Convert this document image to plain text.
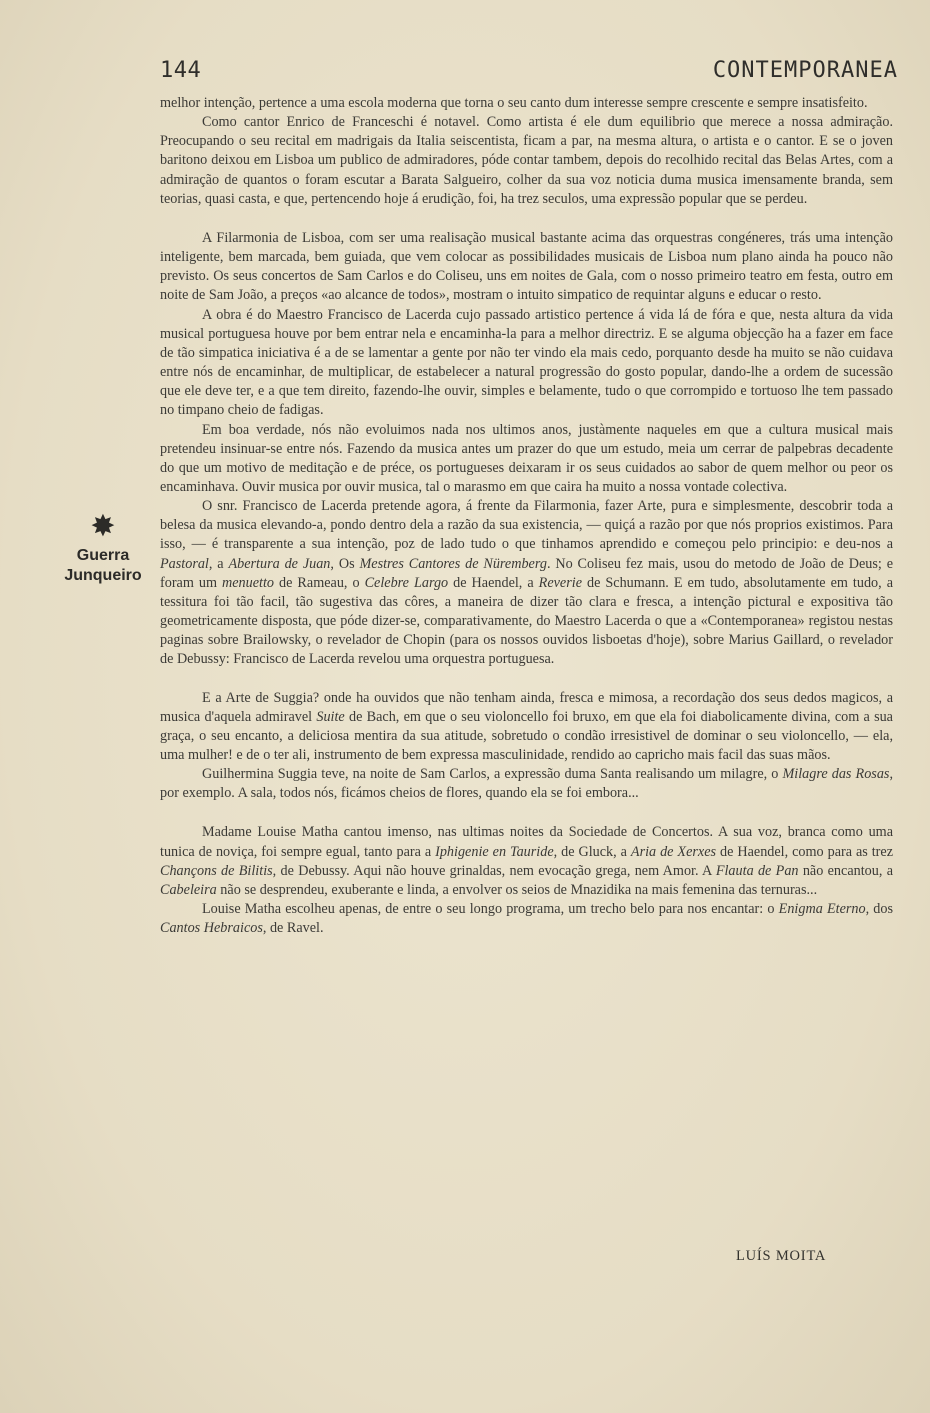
144	CONTEMPORANEA
✸
Guerra
Junqueiro

melhor intenção, pertence a uma escola moderna que torna o seu canto dum interesse sempre crescente e sempre insatisfeito.

Como cantor Enrico de Franceschi é notavel. Como artista é ele dum equilibrio que merece a nossa admiração. Preocupando o seu recital em madrigais da Italia seiscentista, ficam a par, na mesma altura, o artista e o cantor. E se o joven baritono deixou em Lisboa um publico de admiradores, póde contar tambem, depois do recolhido recital das Belas Artes, com a admiração de quantos o foram escutar a Barata Salgueiro, colher da sua voz noticia duma musica imensamente branda, sem teorias, quasi casta, e que, pertencendo hoje á erudição, foi, ha trez seculos, uma expressão popular que se perdeu.

A Filarmonia de Lisboa, com ser uma realisação musical bastante acima das orquestras congéneres, trás uma intenção inteligente, bem marcada, bem guiada, que vem colocar as possibilidades musicais de Lisboa num plano ainda ha pouco não previsto. Os seus concertos de Sam Carlos e do Coliseu, uns em noites de Gala, com o nosso primeiro teatro em festa, outro em noite de Sam João, a preços «ao alcance de todos», mostram o intuito simpatico de requintar alguns e educar o resto.

A obra é do Maestro Francisco de Lacerda cujo passado artistico pertence á vida lá de fóra e que, nesta altura da vida musical portuguesa houve por bem entrar nela e encaminha-la para a melhor directriz. E se alguma objecção ha a fazer em face de tão simpatica iniciativa é a de se lamentar a gente por não ter vindo ela mais cedo, porquanto desde ha muito se não cuidava entre nós de encaminhar, de multiplicar, de estabelecer a natural progressão do gosto popular, dando-lhe a ordem de sucessão que ele deve ter, e a que tem direito, fazendo-lhe ouvir, simples e belamente, tudo o que corrompido e tortuoso lhe tem passado no timpano cheio de fadigas.

Em boa verdade, nós não evoluimos nada nos ultimos anos, justàmente naqueles em que a cultura musical mais pretendeu insinuar-se entre nós. Fazendo da musica antes um prazer do que um estudo, meia um cerrar de palpebras decadente do que um motivo de meditação e de préce, os portugueses deixaram ir os seus cuidados ao sabor de quem melhor ou peor os encaminhava. Ouvir musica por ouvir musica, tal o marasmo em que caira ha muito a nossa vontade colectiva.

O snr. Francisco de Lacerda pretende agora, á frente da Filarmonia, fazer Arte, pura e simplesmente, descobrir toda a belesa da musica elevando-a, pondo dentro dela a razão da sua existencia, — quiçá a razão por que nós proprios existimos. Para isso, — é transparente a sua intenção, poz de lado tudo o que tinhamos aprendido e começou pelo principio: e deu-nos a Pastoral, a Abertura de Juan, Os Mestres Cantores de Nüremberg. No Coliseu fez mais, usou do metodo de João de Deus; e foram um menuetto de Rameau, o Celebre Largo de Haendel, a Reverie de Schumann. E em tudo, absolutamente em tudo, a tessitura foi tão facil, tão sugestiva das côres, a maneira de dizer tão clara e fresca, a intenção pictural e expositiva tão geometricamente disposta, que póde dizer-se, comparativamente, do Maestro Lacerda o que a «Contemporanea» registou nestas paginas sobre Brailowsky, o revelador de Chopin (para os nossos ouvidos lisboetas d'hoje), sobre Marius Gaillard, o revelador de Debussy: Francisco de Lacerda revelou uma orquestra portuguesa.

E a Arte de Suggia? onde ha ouvidos que não tenham ainda, fresca e mimosa, a recordação dos seus dedos magicos, a musica d'aquela admiravel Suite de Bach, em que o seu violoncello foi bruxo, em que ela foi diabolicamente divina, com a sua graça, o seu encanto, a deliciosa mentira da sua atitude, sobretudo o condão irresistivel de dominar o seu violoncello, — ela, uma mulher! e de o ter ali, instrumento de bem expressa masculinidade, rendido ao capricho mais facil das suas mãos.

Guilhermina Suggia teve, na noite de Sam Carlos, a expressão duma Santa realisando um milagre, o Milagre das Rosas, por exemplo. A sala, todos nós, ficámos cheios de flores, quando ela se foi embora...

Madame Louise Matha cantou imenso, nas ultimas noites da Sociedade de Concertos. A sua voz, branca como uma tunica de noviça, foi sempre egual, tanto para a Iphigenie en Tauride, de Gluck, a Aria de Xerxes de Haendel, como para as trez Chançons de Bilitis, de Debussy. Aqui não houve grinaldas, nem evocação grega, nem Amor. A Flauta de Pan não encantou, a Cabeleira não se desprendeu, exuberante e linda, a envolver os seios de Mnazidika na mais femenina das ternuras...

Louise Matha escolheu apenas, de entre o seu longo programa, um trecho belo para nos encantar: o Enigma Eterno, dos Cantos Hebraicos, de Ravel.

LUÍS MOITA
